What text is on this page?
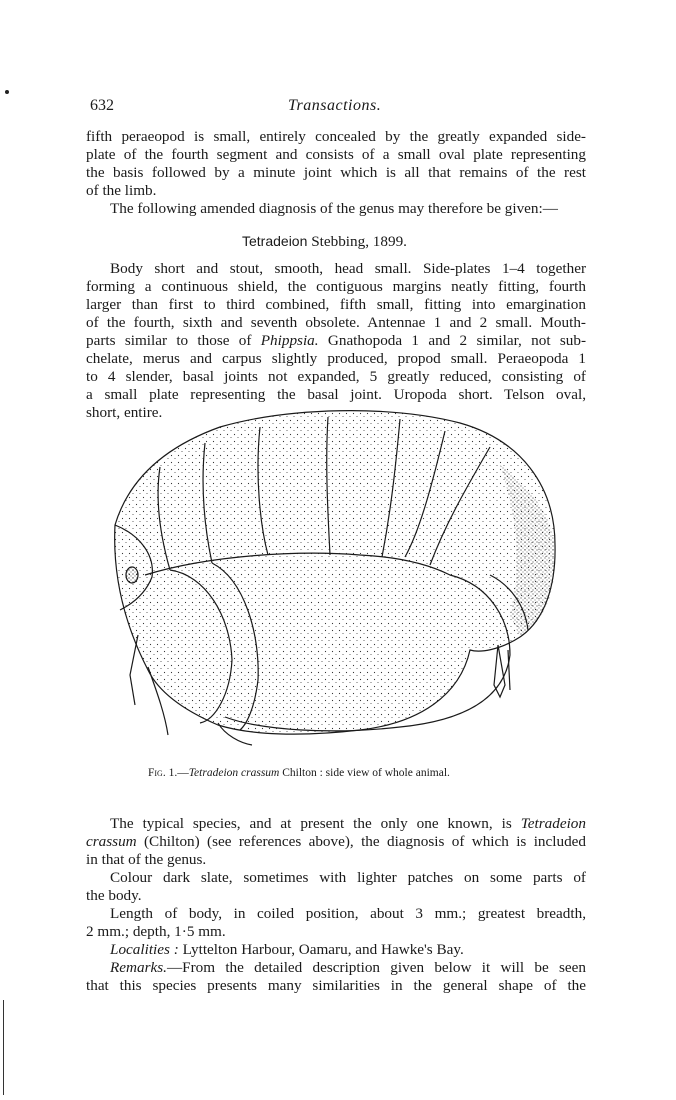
632	Transactions.
fifth peraeopod is small, entirely concealed by the greatly expanded side-
plate of the fourth segment and consists of a small oval plate representing
the basis followed by a minute joint which is all that remains of the rest
of the limb.
The following amended diagnosis of the genus may therefore be given:—
Tetradeion Stebbing, 1899.
Body short and stout, smooth, head small. Side-plates 1–4 together
forming a continuous shield, the contiguous margins neatly fitting, fourth
larger than first to third combined, fifth small, fitting into emargination
of the fourth, sixth and seventh obsolete. Antennae 1 and 2 small. Mouth-
parts similar to those of Phippsia. Gnathopoda 1 and 2 similar, not sub-
chelate, merus and carpus slightly produced, propod small. Peraeopoda 1
to 4 slender, basal joints not expanded, 5 greatly reduced, consisting of
a small plate representing the basal joint. Uropoda short. Telson oval,
short, entire.
Fig. 1.—Tetradeion crassum Chilton : side view of whole animal.
The typical species, and at present the only one known, is Tetradeion
crassum (Chilton) (see references above), the diagnosis of which is included
in that of the genus.
Colour dark slate, sometimes with lighter patches on some parts of
the body.
Length of body, in coiled position, about 3 mm.; greatest breadth,
2 mm.; depth, 1·5 mm.
Localities : Lyttelton Harbour, Oamaru, and Hawke's Bay.
Remarks.—From the detailed description given below it will be seen
that this species presents many similarities in the general shape of the
